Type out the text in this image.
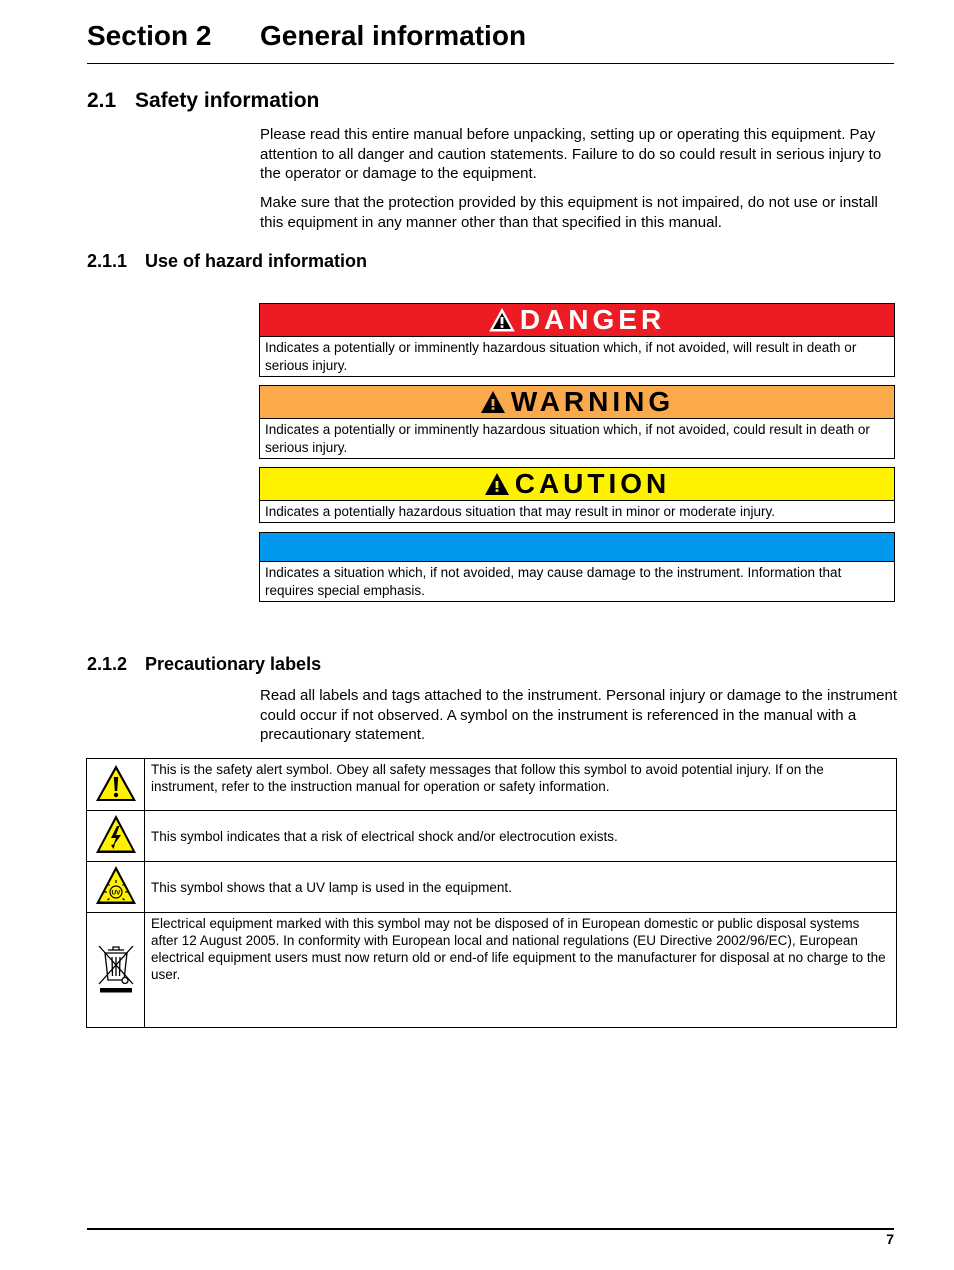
Section 2 General information
2.1 Safety information

Please read this entire manual before unpacking, setting up or operating this equipment. Pay attention to all danger and caution statements. Failure to do so could result in serious injury to the operator or damage to the equipment.

Make sure that the protection provided by this equipment is not impaired, do not use or install this equipment in any manner other than that specified in this manual.

2.1.1 Use of hazard information
DANGER
Indicates a potentially or imminently hazardous situation which, if not avoided, will result in death or serious injury.
WARNING
Indicates a potentially or imminently hazardous situation which, if not avoided, could result in death or serious injury.
CAUTION
Indicates a potentially hazardous situation that may result in minor or moderate injury.
Indicates a situation which, if not avoided, may cause damage to the instrument. Information that requires special emphasis.
2.1.2 Precautionary labels

Read all labels and tags attached to the instrument. Personal injury or damage to the instrument could occur if not observed. A symbol on the instrument is referenced in the manual with a precautionary statement.

	This is the safety alert symbol. Obey all safety messages that follow this symbol to avoid potential injury. If on the instrument, refer to the instruction manual for operation or safety information.
	This symbol indicates that a risk of electrical shock and/or electrocution exists.

UV	This symbol shows that a UV lamp is used in the equipment.
	Electrical equipment marked with this symbol may not be disposed of in European domestic or public disposal systems after 12 August 2005. In conformity with European local and national regulations (EU Directive 2002/96/EC), European electrical equipment users must now return old or end-of life equipment to the manufacturer for disposal at no charge to the user.
7
